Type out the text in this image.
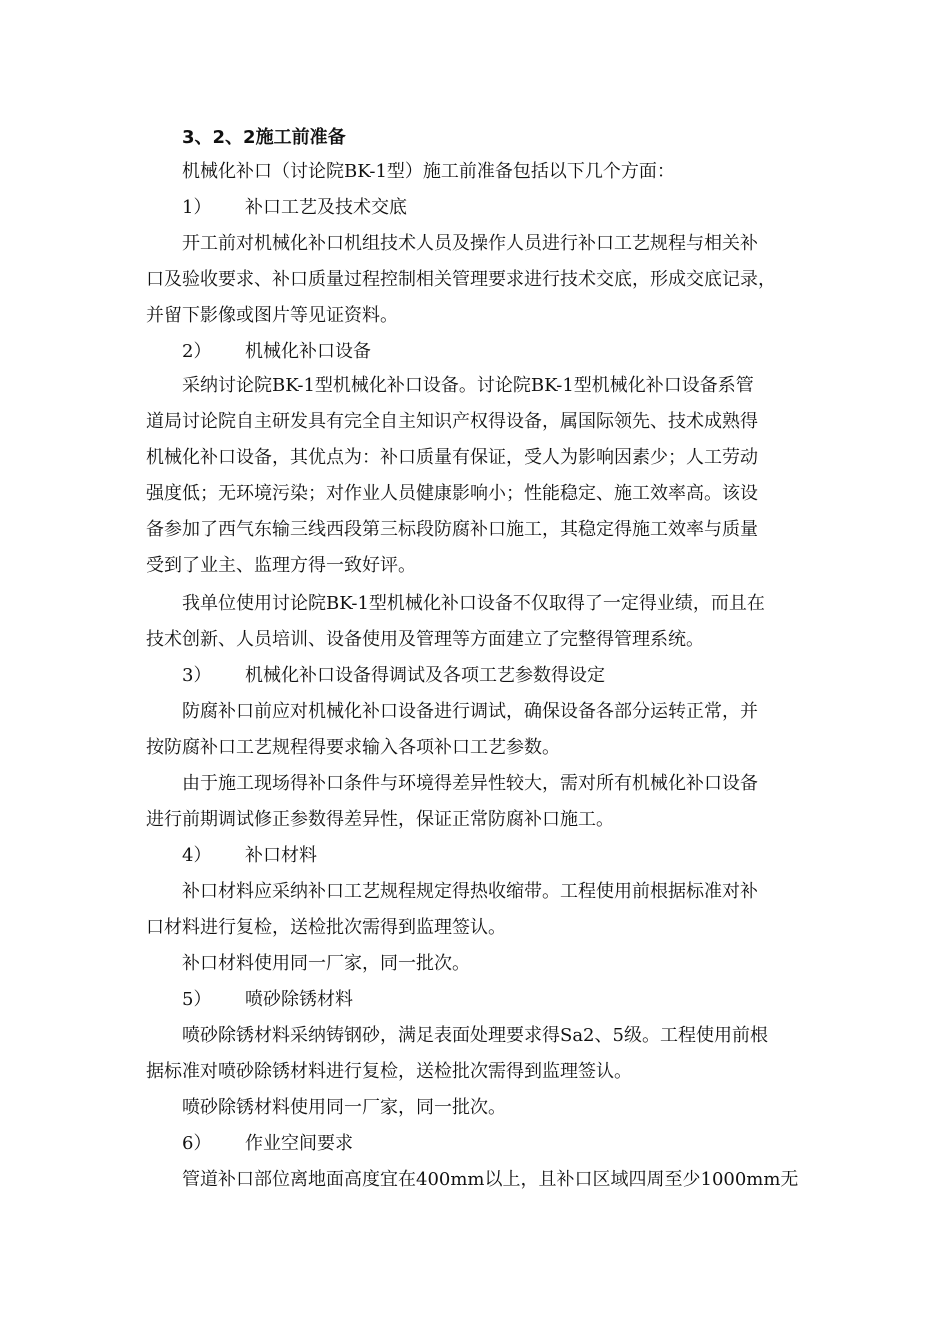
3、2、2施工前准备
机械化补口（讨论院BK-1型）施工前准备包括以下几个方面：
1） 补口工艺及技术交底
开工前对机械化补口机组技术人员及操作人员进行补口工艺规程与相关补
口及验收要求、补口质量过程控制相关管理要求进行技术交底，形成交底记录，
并留下影像或图片等见证资料。
2） 机械化补口设备
采纳讨论院BK-1型机械化补口设备。讨论院BK-1型机械化补口设备系管
道局讨论院自主研发具有完全自主知识产权得设备，属国际领先、技术成熟得
机械化补口设备，其优点为：补口质量有保证，受人为影响因素少；人工劳动
强度低；无环境污染；对作业人员健康影响小；性能稳定、施工效率高。该设
备参加了西气东输三线西段第三标段防腐补口施工，其稳定得施工效率与质量
受到了业主、监理方得一致好评。
我单位使用讨论院BK-1型机械化补口设备不仅取得了一定得业绩，而且在
技术创新、人员培训、设备使用及管理等方面建立了完整得管理系统。
3） 机械化补口设备得调试及各项工艺参数得设定
防腐补口前应对机械化补口设备进行调试，确保设备各部分运转正常，并
按防腐补口工艺规程得要求输入各项补口工艺参数。
由于施工现场得补口条件与环境得差异性较大，需对所有机械化补口设备
进行前期调试修正参数得差异性，保证正常防腐补口施工。
4） 补口材料
补口材料应采纳补口工艺规程规定得热收缩带。工程使用前根据标准对补
口材料进行复检，送检批次需得到监理签认。
补口材料使用同一厂家，同一批次。
5） 喷砂除锈材料
喷砂除锈材料采纳铸钢砂，满足表面处理要求得Sa2、5级。工程使用前根
据标准对喷砂除锈材料进行复检，送检批次需得到监理签认。
喷砂除锈材料使用同一厂家，同一批次。
6） 作业空间要求
管道补口部位离地面高度宜在400mm以上，且补口区域四周至少1000mm无
